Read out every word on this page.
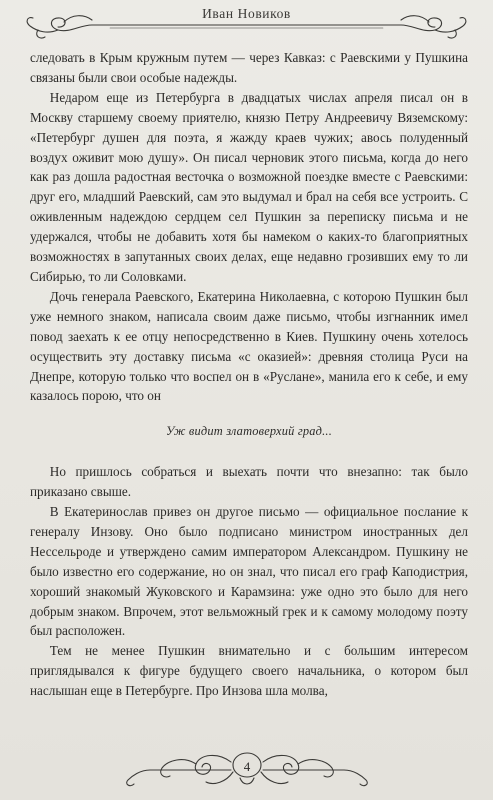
Иван Новиков

следовать в Крым кружным путем — через Кавказ: с Раевскими у Пушкина связаны были свои особые надежды.

Недаром еще из Петербурга в двадцатых числах апреля писал он в Москву старшему своему приятелю, князю Петру Андреевичу Вяземскому: «Петербург душен для поэта, я жажду краев чужих; авось полуденный воздух оживит мою душу». Он писал черновик этого письма, когда до него как раз дошла радостная весточка о возможной поездке вместе с Раевскими: друг его, младший Раевский, сам это выдумал и брал на себя все устроить. С оживленным надеждою сердцем сел Пушкин за переписку письма и не удержался, чтобы не добавить хотя бы намеком о каких-то благоприятных возможностях в запутанных своих делах, еще недавно грозивших ему то ли Сибирью, то ли Соловками.

Дочь генерала Раевского, Екатерина Николаевна, с которою Пушкин был уже немного знаком, написала своим даже письмо, чтобы изгнанник имел повод заехать к ее отцу непосредственно в Киев. Пушкину очень хотелось осуществить эту доставку письма «с оказией»: древняя столица Руси на Днепре, которую только что воспел он в «Руслане», манила его к себе, и ему казалось порою, что он

Уж видит златоверхий град...

Но пришлось собраться и выехать почти что внезапно: так было приказано свыше.

В Екатеринослав привез он другое письмо — официальное послание к генералу Инзову. Оно было подписано министром иностранных дел Нессельроде и утверждено самим императором Александром. Пушкину не было известно его содержание, но он знал, что писал его граф Каподистрия, хороший знакомый Жуковского и Карамзина: уже одно это было для него добрым знаком. Впрочем, этот вельможный грек и к самому молодому поэту был расположен.

Тем не менее Пушкин внимательно и с большим интересом приглядывался к фигуре будущего своего начальника, о котором был наслышан еще в Петербурге. Про Инзова шла молва,

4
